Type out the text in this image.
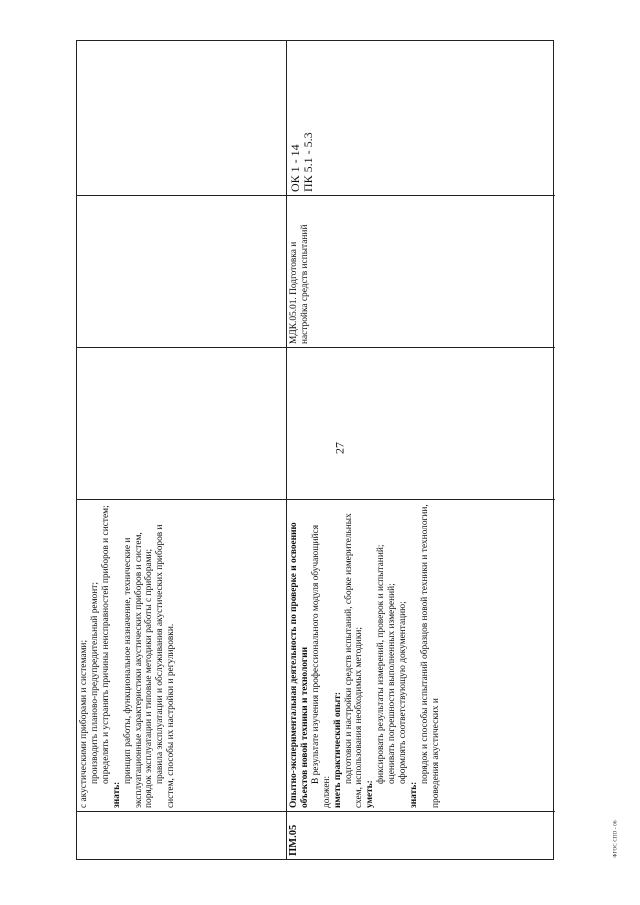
27

с акустическими приборами и системами; производить планово-предупредительный ремонт; определять и устранять причины неисправностей приборов и систем;

знать:

принцип работы, функциональное назначение, технические и эксплуатационные характеристики акустических приборов и систем, порядок эксплуатации и типовые методики работы с приборами; правила эксплуатации и обслуживания акустических приборов и систем, способы их настройки и регулировки.

ПМ.05

Опытно-экспериментальная деятельность по проверке и освоению объектов новой техники и технологии В результате изучения профессионального модуля обучающийся должен: иметь практический опыт: подготовки и настройки средств испытаний, сборке измерительных схем, использования необходимых методики; уметь:

фиксировать результаты измерений, проверок и испытаний; оценивать погрешности выполненных измерений; оформлять соответствующую документацию;

знать:

порядок и способы испытаний образцов новой техники и технологии, проведения акустических и

МДК.05.01. Подготовка и настройка средств испытаний
ОК 1 - 14
ПК 5.1 - 5.3
ФГОС СПО - 06
